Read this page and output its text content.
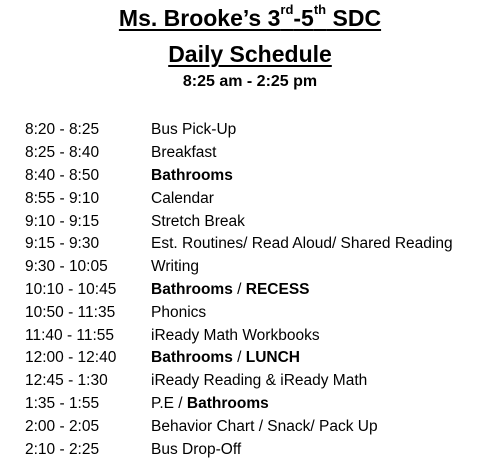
Ms. Brooke’s 3rd-5th SDC
Daily Schedule
8:25 am - 2:25 pm
8:20 - 8:25	Bus Pick-Up
8:25 - 8:40	Breakfast
8:40 - 8:50	Bathrooms
8:55 - 9:10	Calendar
9:10 - 9:15	Stretch Break
9:15 - 9:30	Est. Routines/ Read Aloud/ Shared Reading
9:30 - 10:05	Writing
10:10 - 10:45	Bathrooms / RECESS
10:50 - 11:35	Phonics
11:40 - 11:55	iReady Math Workbooks
12:00 - 12:40	Bathrooms / LUNCH
12:45 - 1:30	iReady Reading & iReady Math
1:35 - 1:55	P.E / Bathrooms
2:00 - 2:05	Behavior Chart / Snack/ Pack Up
2:10 - 2:25	Bus Drop-Off
